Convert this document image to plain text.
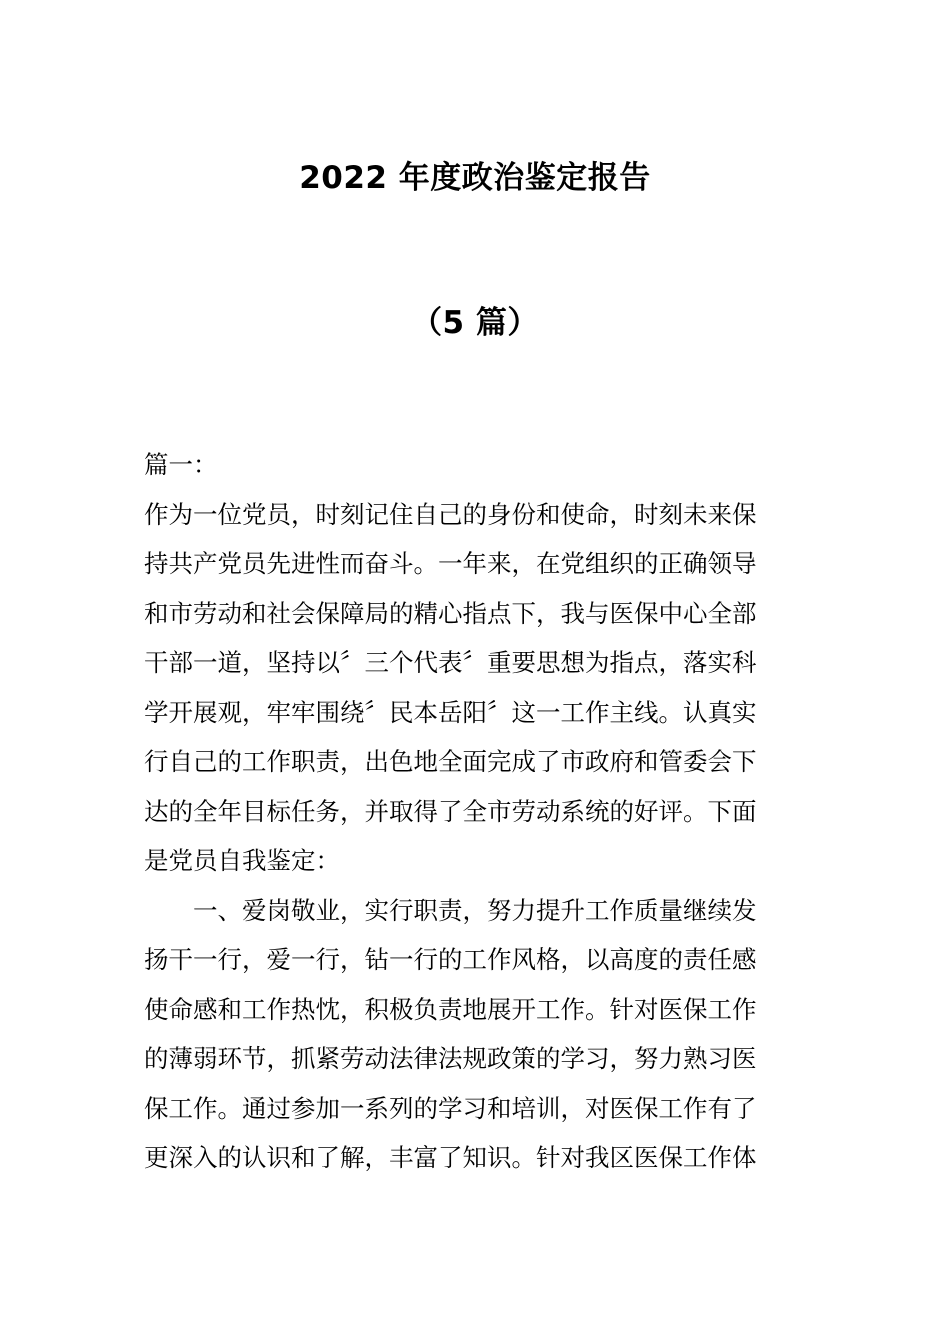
2022 年度政治鉴定报告
（5 篇）
篇一：
作为一位党员，时刻记住自己的身份和使命，时刻未来保
持共产党员先进性而奋斗。一年来，在党组织的正确领导
和市劳动和社会保障局的精心指点下，我与医保中心全部
干部一道，坚持以〞三个代表〞重要思想为指点，落实科
学开展观，牢牢围绕〞民本岳阳〞这一工作主线。认真实
行自己的工作职责，出色地全面完成了市政府和管委会下
达的全年目标任务，并取得了全市劳动系统的好评。下面
是党员自我鉴定：
一、爱岗敬业，实行职责，努力提升工作质量继续发
扬干一行，爱一行，钻一行的工作风格，以高度的责任感
使命感和工作热忱，积极负责地展开工作。针对医保工作
的薄弱环节，抓紧劳动法律法规政策的学习，努力熟习医
保工作。通过参加一系列的学习和培训，对医保工作有了
更深入的认识和了解，丰富了知识。针对我区医保工作体
